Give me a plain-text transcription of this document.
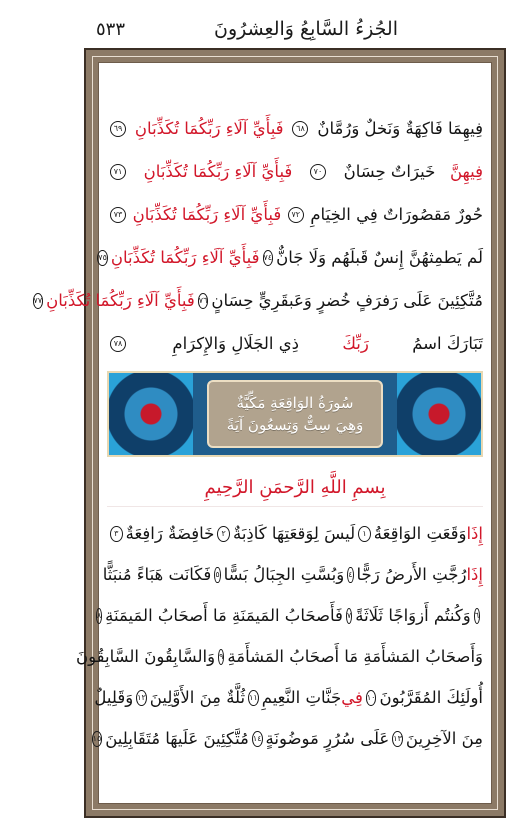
الجُزءُ السَّابِعُ وَالعِشرُونَ
٥٣٣
فِيهِمَا فَاكِهَةٌ وَنَخلٌ وَرُمَّانٌ
٦٨
فَبِأَيِّ آلَاءِ رَبِّكُمَا تُكَذِّبَانِ
٦٩
فِيهِنَّ
خَيرَاتٌ حِسَانٌ
٧٠
فَبِأَيِّ آلَاءِ رَبِّكُمَا تُكَذِّبَانِ
٧١
حُورٌ مَقصُورَاتٌ فِي الخِيَامِ
٧٢
فَبِأَيِّ آلَاءِ رَبِّكُمَا تُكَذِّبَانِ
٧٣
لَم يَطمِثهُنَّ إِنسٌ قَبلَهُم وَلَا جَانٌّ
٧٤
فَبِأَيِّ آلَاءِ رَبِّكُمَا تُكَذِّبَانِ
٧٥
مُتَّكِئِينَ عَلَى رَفرَفٍ خُضرٍ وَعَبقَرِيٍّ حِسَانٍ
٧٦
فَبِأَيِّ آلَاءِ رَبِّكُمَا تُكَذِّبَانِ
٧٧
تَبَارَكَ اسمُ
رَبِّكَ
ذِي الجَلَالِ وَالإِكرَامِ
٧٨
سُورَةُ الوَاقِعَةِ مَكِّيَّةٌ
وَهِيَ سِتٌّ وَتِسعُونَ آيَةً
بِسمِ اللَّهِ الرَّحمَنِ الرَّحِيمِ
إِذَا
وَقَعَتِ الوَاقِعَةُ
١
لَيسَ لِوَقعَتِهَا كَاذِبَةٌ
٢
خَافِضَةٌ رَافِعَةٌ
٣
إِذَا
رُجَّتِ الأَرضُ رَجًّا
٤
وَبُسَّتِ الجِبَالُ بَسًّا
٥
فَكَانَت هَبَاءً مُنبَثًّا
٦
وَكُنتُم أَزوَاجًا ثَلَاثَةً
٧
فَأَصحَابُ المَيمَنَةِ مَا أَصحَابُ المَيمَنَةِ
٨
وَأَصحَابُ المَشأَمَةِ مَا أَصحَابُ المَشأَمَةِ
٩
وَالسَّابِقُونَ السَّابِقُونَ
أُولَئِكَ المُقَرَّبُونَ
١٠
فِي
جَنَّاتِ النَّعِيمِ
١١
ثُلَّةٌ مِنَ الأَوَّلِينَ
١٢
وَقَلِيلٌ
مِنَ الآخِرِينَ
١٣
عَلَى سُرُرٍ مَوضُونَةٍ
١٤
مُتَّكِئِينَ عَلَيهَا مُتَقَابِلِينَ
١٥
